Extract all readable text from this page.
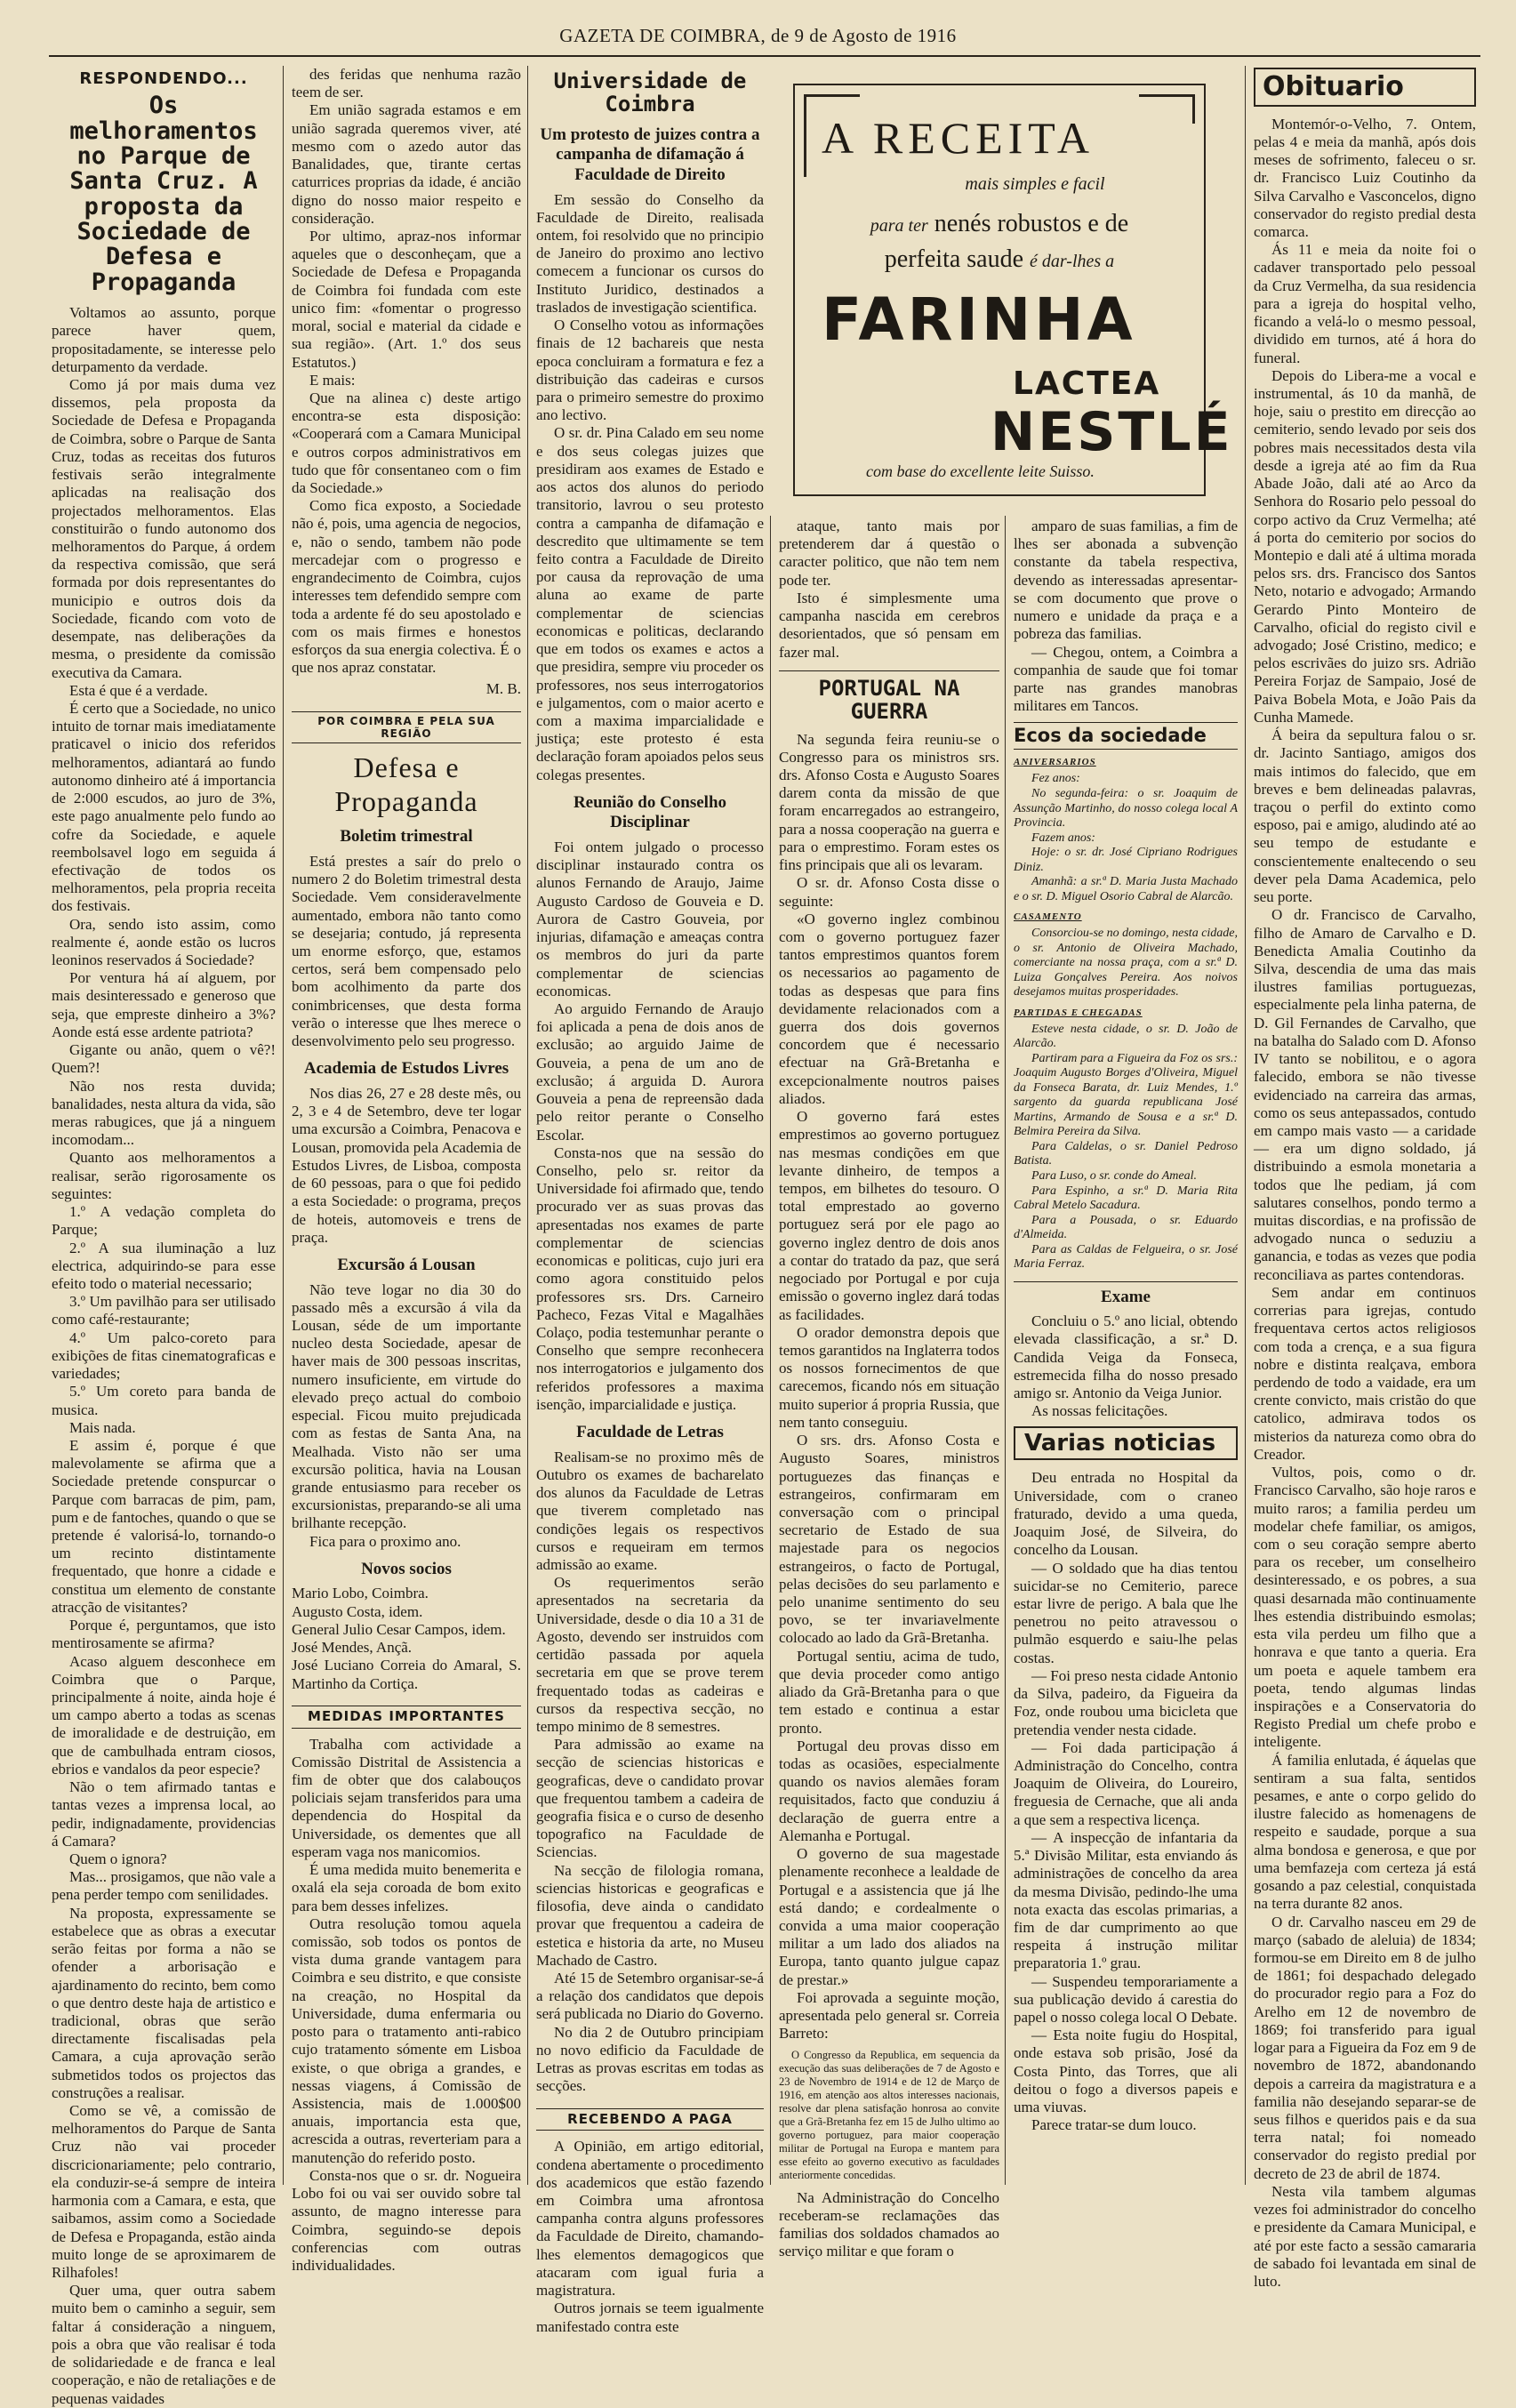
GAZETA DE COIMBRA, de 9 de Agosto de 1916
RESPONDENDO...
Os melhoramentos no Parque de Santa Cruz. A proposta da Sociedade de Defesa e Propaganda

Voltamos ao assunto, porque parece haver quem, propositadamente, se interesse pelo deturpamento da verdade.

Como já por mais duma vez dissemos, pela proposta da Sociedade de Defesa e Propaganda de Coimbra, sobre o Parque de Santa Cruz, todas as receitas dos futuros festivais serão integralmente aplicadas na realisação dos projectados melhoramentos. Elas constituirão o fundo autonomo dos melhoramentos do Parque, á ordem da respectiva comissão, que será formada por dois representantes do municipio e outros dois da Sociedade, ficando com voto de desempate, nas deliberações da mesma, o presidente da comissão executiva da Camara.

Esta é que é a verdade.

É certo que a Sociedade, no unico intuito de tornar mais imediatamente praticavel o inicio dos referidos melhoramentos, adiantará ao fundo autonomo dinheiro até á importancia de 2:000 escudos, ao juro de 3%, este pago anualmente pelo fundo ao cofre da Sociedade, e aquele reembolsavel logo em seguida á efectivação de todos os melhoramentos, pela propria receita dos festivais.

Ora, sendo isto assim, como realmente é, aonde estão os lucros leoninos reservados á Sociedade?

Por ventura há aí alguem, por mais desinteressado e generoso que seja, que empreste dinheiro a 3%? Aonde está esse ardente patriota?

Gigante ou anão, quem o vê?! Quem?!

Não nos resta duvida; banalidades, nesta altura da vida, são meras rabugices, que já a ninguem incomodam...

Quanto aos melhoramentos a realisar, serão rigorosamente os seguintes:

1.º A vedação completa do Parque;

2.º A sua iluminação a luz electrica, adquirindo-se para esse efeito todo o material necessario;

3.º Um pavilhão para ser utilisado como café-restaurante;

4.º Um palco-coreto para exibições de fitas cinematograficas e variedades;

5.º Um coreto para banda de musica.

Mais nada.

E assim é, porque é que malevolamente se afirma que a Sociedade pretende conspurcar o Parque com barracas de pim, pam, pum e de fantoches, quando o que se pretende é valorisá-lo, tornando-o um recinto distintamente frequentado, que honre a cidade e constitua um elemento de constante atracção de visitantes?

Porque é, perguntamos, que isto mentirosamente se afirma?

Acaso alguem desconhece em Coimbra que o Parque, principalmente á noite, ainda hoje é um campo aberto a todas as scenas de imoralidade e de destruição, em que de cambulhada entram ciosos, ebrios e vandalos da peor especie?

Não o tem afirmado tantas e tantas vezes a imprensa local, ao pedir, indignadamente, providencias á Camara?

Quem o ignora?

Mas... prosigamos, que não vale a pena perder tempo com senilidades.

Na proposta, expressamente se estabelece que as obras a executar serão feitas por forma a não se ofender a arborisação e ajardinamento do recinto, bem como o que dentro deste haja de artistico e tradicional, obras que serão directamente fiscalisadas pela Camara, a cuja aprovação serão submetidos todos os projectos das construções a realisar.

Como se vê, a comissão de melhoramentos do Parque de Santa Cruz não vai proceder discricionariamente; pelo contrario, ela conduzir-se-á sempre de inteira harmonia com a Camara, e esta, que saibamos, assim como a Sociedade de Defesa e Propaganda, estão ainda muito longe de se aproximarem de Rilhafoles!

Quer uma, quer outra sabem muito bem o caminho a seguir, sem faltar á consideração a ninguem, pois a obra que vão realisar é toda de solidariedade e de franca e leal cooperação, e não de retaliações e de pequenas vaidades

des feridas que nenhuma razão teem de ser.

Em união sagrada estamos e em união sagrada queremos viver, até mesmo com o azedo autor das Banalidades, que, tirante certas caturrices proprias da idade, é ancião digno do nosso maior respeito e consideração.

Por ultimo, apraz-nos informar aqueles que o desconheçam, que a Sociedade de Defesa e Propaganda de Coimbra foi fundada com este unico fim: «fomentar o progresso moral, social e material da cidade e sua região». (Art. 1.º dos seus Estatutos.)

E mais:

Que na alinea c) deste artigo encontra-se esta disposição: «Cooperará com a Camara Municipal e outros corpos administrativos em tudo que fôr consentaneo com o fim da Sociedade.»

Como fica exposto, a Sociedade não é, pois, uma agencia de negocios, e, não o sendo, tambem não pode mercadejar com o progresso e engrandecimento de Coimbra, cujos interesses tem defendido sempre com toda a ardente fé do seu apostolado e com os mais firmes e honestos esforços da sua energia colectiva. É o que nos apraz constatar.

M. B.
POR COIMBRA E PELA SUA REGIÃO
Defesa e Propaganda
Boletim trimestral

Está prestes a saír do prelo o numero 2 do Boletim trimestral desta Sociedade. Vem consideravelmente aumentado, embora não tanto como se desejaria; contudo, já representa um enorme esforço, que, estamos certos, será bem compensado pelo bom acolhimento da parte dos conimbricenses, que desta forma verão o interesse que lhes merece o desenvolvimento pelo seu progresso.

Academia de Estudos Livres

Nos dias 26, 27 e 28 deste mês, ou 2, 3 e 4 de Setembro, deve ter logar uma excursão a Coimbra, Penacova e Lousan, promovida pela Academia de Estudos Livres, de Lisboa, composta de 60 pessoas, para o que foi pedido a esta Sociedade: o programa, preços de hoteis, automoveis e trens de praça.

Excursão á Lousan

Não teve logar no dia 30 do passado mês a excursão á vila da Lousan, séde de um importante nucleo desta Sociedade, apesar de haver mais de 300 pessoas inscritas, numero insuficiente, em virtude do elevado preço actual do comboio especial. Ficou muito prejudicada com as festas de Santa Ana, na Mealhada. Visto não ser uma excursão politica, havia na Lousan grande entusiasmo para receber os excursionistas, preparando-se ali uma brilhante recepção.

Fica para o proximo ano.

Novos socios

Mario Lobo, Coimbra.

Augusto Costa, idem.

General Julio Cesar Campos, idem.

José Mendes, Ançã.

José Luciano Correia do Amaral, S. Martinho da Cortiça.

MEDIDAS IMPORTANTES

Trabalha com actividade a Comissão Distrital de Assistencia a fim de obter que dos calabouços policiais sejam transferidos para uma dependencia do Hospital da Universidade, os dementes que all esperam vaga nos manicomios.

É uma medida muito benemerita e oxalá ela seja coroada de bom exito para bem desses infelizes.

Outra resolução tomou aquela comissão, sob todos os pontos de vista duma grande vantagem para Coimbra e seu distrito, e que consiste na creação, no Hospital da Universidade, duma enfermaria ou posto para o tratamento anti-rabico cujo tratamento sómente em Lisboa existe, o que obriga a grandes, e nessas viagens, á Comissão de Assistencia, mais de 1.000$00 anuais, importancia esta que, acrescida a outras, reverteriam para a manutenção do referido posto.

Consta-nos que o sr. dr. Nogueira Lobo foi ou vai ser ouvido sobre tal assunto, de magno interesse para Coimbra, seguindo-se depois conferencias com outras individualidades.

Universidade de Coimbra
Um protesto de juizes contra a campanha de difamação á Faculdade de Direito

Em sessão do Conselho da Faculdade de Direito, realisada ontem, foi resolvido que no principio de Janeiro do proximo ano lectivo comecem a funcionar os cursos do Instituto Juridico, destinados a traslados de investigação scientifica.

O Conselho votou as informações finais de 12 bachareis que nesta epoca concluiram a formatura e fez a distribuição das cadeiras e cursos para o primeiro semestre do proximo ano lectivo.

O sr. dr. Pina Calado em seu nome e dos seus colegas juizes que presidiram aos exames de Estado e aos actos dos alunos do periodo transitorio, lavrou o seu protesto contra a campanha de difamação e descredito que ultimamente se tem feito contra a Faculdade de Direito por causa da reprovação de uma aluna ao exame de parte complementar de sciencias economicas e politicas, declarando que em todos os exames e actos a que presidira, sempre viu proceder os professores, nos seus interrogatorios e julgamentos, com o maior acerto e com a maxima imparcialidade e justiça; este protesto é esta declaração foram apoiados pelos seus colegas presentes.

Reunião do Conselho Disciplinar

Foi ontem julgado o processo disciplinar instaurado contra os alunos Fernando de Araujo, Jaime Augusto Cardoso de Gouveia e D. Aurora de Castro Gouveia, por injurias, difamação e ameaças contra os membros do juri da parte complementar de sciencias economicas.

Ao arguido Fernando de Araujo foi aplicada a pena de dois anos de exclusão; ao arguido Jaime de Gouveia, a pena de um ano de exclusão; á arguida D. Aurora Gouveia a pena de repreensão dada pelo reitor perante o Conselho Escolar.

Consta-nos que na sessão do Conselho, pelo sr. reitor da Universidade foi afirmado que, tendo procurado ver as suas provas das apresentadas nos exames de parte complementar de sciencias economicas e politicas, cujo juri era como agora constituido pelos professores srs. Drs. Carneiro Pacheco, Fezas Vital e Magalhães Colaço, podia testemunhar perante o Conselho que sempre reconhecera nos interrogatorios e julgamento dos referidos professores a maxima isenção, imparcialidade e justiça.

Faculdade de Letras

Realisam-se no proximo mês de Outubro os exames de bacharelato dos alunos da Faculdade de Letras que tiverem completado nas condições legais os respectivos cursos e requeiram em termos admissão ao exame.

Os requerimentos serão apresentados na secretaria da Universidade, desde o dia 10 a 31 de Agosto, devendo ser instruidos com certidão passada por aquela secretaria em que se prove terem frequentado todas as cadeiras e cursos da respectiva secção, no tempo minimo de 8 semestres.

Para admissão ao exame na secção de sciencias historicas e geograficas, deve o candidato provar que frequentou tambem a cadeira de geografia fisica e o curso de desenho topografico na Faculdade de Sciencias.

Na secção de filologia romana, sciencias historicas e geograficas e filosofia, deve ainda o candidato provar que frequentou a cadeira de estetica e historia da arte, no Museu Machado de Castro.

Até 15 de Setembro organisar-se-á a relação dos candidatos que depois será publicada no Diario do Governo.

No dia 2 de Outubro principiam no novo edificio da Faculdade de Letras as provas escritas em todas as secções.

RECEBENDO A PAGA

A Opinião, em artigo editorial, condena abertamente o procedimento dos academicos que estão fazendo em Coimbra uma afrontosa campanha contra alguns professores da Faculdade de Direito, chamando-lhes elementos demagogicos que atacaram com igual furia a magistratura.

Outros jornais se teem igualmente manifestado contra este

A RECEITA
mais simples e facil
para ter nenés robustos e de
perfeita saude é dar-lhes a
FARINHA
LACTEA
NESTLÉ
com base do excellente leite Suisso.

ataque, tanto mais por pretenderem dar á questão o caracter politico, que não tem nem pode ter.

Isto é simplesmente uma campanha nascida em cerebros desorientados, que só pensam em fazer mal.

PORTUGAL NA GUERRA

Na segunda feira reuniu-se o Congresso para os ministros srs. drs. Afonso Costa e Augusto Soares darem conta da missão de que foram encarregados ao estrangeiro, para a nossa cooperação na guerra e para o emprestimo. Foram estes os fins principais que ali os levaram.

O sr. dr. Afonso Costa disse o seguinte:

«O governo inglez combinou com o governo portuguez fazer tantos emprestimos quantos forem os necessarios ao pagamento de todas as despesas que para fins devidamente relacionados com a guerra dos dois governos concordem que é necessario efectuar na Grã-Bretanha e excepcionalmente noutros paises aliados.

O governo fará estes emprestimos ao governo portuguez nas mesmas condições em que levante dinheiro, de tempos a tempos, em bilhetes do tesouro. O total emprestado ao governo portuguez será por ele pago ao governo inglez dentro de dois anos a contar do tratado da paz, que será negociado por Portugal e por cuja emissão o governo inglez dará todas as facilidades.

O orador demonstra depois que temos garantidos na Inglaterra todos os nossos fornecimentos de que carecemos, ficando nós em situação muito superior á propria Russia, que nem tanto conseguiu.

O srs. drs. Afonso Costa e Augusto Soares, ministros portuguezes das finanças e estrangeiros, confirmaram em conversação com o principal secretario de Estado de sua majestade para os negocios estrangeiros, o facto de Portugal, pelas decisões do seu parlamento e pelo unanime sentimento do seu povo, se ter invariavelmente colocado ao lado da Grã-Bretanha.

Portugal sentiu, acima de tudo, que devia proceder como antigo aliado da Grã-Bretanha para o que tem estado e continua a estar pronto.

Portugal deu provas disso em todas as ocasiões, especialmente quando os navios alemães foram requisitados, facto que conduziu á declaração de guerra entre a Alemanha e Portugal.

O governo de sua magestade plenamente reconhece a lealdade de Portugal e a assistencia que já lhe está dando; e cordealmente o convida a uma maior cooperação militar a um lado dos aliados na Europa, tanto quanto julgue capaz de prestar.»

Foi aprovada a seguinte moção, apresentada pelo general sr. Correia Barreto:

O Congresso da Republica, em sequencia da execução das suas deliberações de 7 de Agosto e 23 de Novembro de 1914 e de 12 de Março de 1916, em atenção aos altos interesses nacionais, resolve dar plena satisfação honrosa ao convite que a Grã-Bretanha fez em 15 de Julho ultimo ao governo portuguez, para maior cooperação militar de Portugal na Europa e mantem para esse efeito ao governo executivo as faculdades anteriormente concedidas.

Na Administração do Concelho receberam-se reclamações das familias dos soldados chamados ao serviço militar e que foram o

amparo de suas familias, a fim de lhes ser abonada a subvenção constante da tabela respectiva, devendo as interessadas apresentar-se com documento que prove o numero e unidade da praça e a pobreza das familias.

— Chegou, ontem, a Coimbra a companhia de saude que foi tomar parte nas grandes manobras militares em Tancos.

Ecos da sociedade
ANIVERSARIOS

Fez anos:

No segunda-feira: o sr. Joaquim de Assunção Martinho, do nosso colega local A Provincia.

Fazem anos:

Hoje: o sr. dr. José Cipriano Rodrigues Diniz.

Amanhã: a sr.ª D. Maria Justa Machado e o sr. D. Miguel Osorio Cabral de Alarcão.

CASAMENTO

Consorciou-se no domingo, nesta cidade, o sr. Antonio de Oliveira Machado, comerciante na nossa praça, com a sr.ª D. Luiza Gonçalves Pereira. Aos noivos desejamos muitas prosperidades.

PARTIDAS E CHEGADAS

Esteve nesta cidade, o sr. D. João de Alarcão.

Partiram para a Figueira da Foz os srs.: Joaquim Augusto Borges d'Oliveira, Miguel da Fonseca Barata, dr. Luiz Mendes, 1.º sargento da guarda republicana José Martins, Armando de Sousa e a sr.ª D. Belmira Pereira da Silva.

Para Caldelas, o sr. Daniel Pedroso Batista.

Para Luso, o sr. conde do Ameal.

Para Espinho, a sr.ª D. Maria Rita Cabral Metelo Sacadura.

Para a Pousada, o sr. Eduardo d'Almeida.

Para as Caldas de Felgueira, o sr. José Maria Ferraz.

Exame

Concluiu o 5.º ano licial, obtendo elevada classificação, a sr.ª D. Candida Veiga da Fonseca, estremecida filha do nosso presado amigo sr. Antonio da Veiga Junior.

As nossas felicitações.

Varias noticias

Deu entrada no Hospital da Universidade, com o craneo fraturado, devido a uma queda, Joaquim José, de Silveira, do concelho da Lousan.

— O soldado que ha dias tentou suicidar-se no Cemiterio, parece estar livre de perigo. A bala que lhe penetrou no peito atravessou o pulmão esquerdo e saiu-lhe pelas costas.

— Foi preso nesta cidade Antonio da Silva, padeiro, da Figueira da Foz, onde roubou uma bicicleta que pretendia vender nesta cidade.

— Foi dada participação á Administração do Concelho, contra Joaquim de Oliveira, do Loureiro, freguesia de Cernache, que ali anda a que sem a respectiva licença.

— A inspecção de infantaria da 5.ª Divisão Militar, esta enviando ás administrações de concelho da area da mesma Divisão, pedindo-lhe uma nota exacta das escolas primarias, a fim de dar cumprimento ao que respeita á instrução militar preparatoria 1.º grau.

— Suspendeu temporariamente a sua publicação devido á carestia do papel o nosso colega local O Debate.

— Esta noite fugiu do Hospital, onde estava sob prisão, José da Costa Pinto, das Torres, que ali deitou o fogo a diversos papeis e uma viuvas.

Parece tratar-se dum louco.

Obituario

Montemór-o-Velho, 7. Ontem, pelas 4 e meia da manhã, após dois meses de sofrimento, faleceu o sr. dr. Francisco Luiz Coutinho da Silva Carvalho e Vasconcelos, digno conservador do registo predial desta comarca.

Ás 11 e meia da noite foi o cadaver transportado pelo pessoal da Cruz Vermelha, da sua residencia para a igreja do hospital velho, ficando a velá-lo o mesmo pessoal, dividido em turnos, até á hora do funeral.

Depois do Libera-me a vocal e instrumental, ás 10 da manhã, de hoje, saiu o prestito em direcção ao cemiterio, sendo levado por seis dos pobres mais necessitados desta vila desde a igreja até ao fim da Rua Abade João, dali até ao Arco da Senhora do Rosario pelo pessoal do corpo activo da Cruz Vermelha; até á porta do cemiterio por socios do Montepio e dali até á ultima morada pelos srs. drs. Francisco dos Santos Neto, notario e advogado; Armando Gerardo Pinto Monteiro de Carvalho, oficial do registo civil e advogado; José Cristino, medico; e pelos escrivães do juizo srs. Adrião Pereira Forjaz de Sampaio, José de Paiva Bobela Mota, e João Pais da Cunha Mamede.

Á beira da sepultura falou o sr. dr. Jacinto Santiago, amigos dos mais intimos do falecido, que em breves e bem delineadas palavras, traçou o perfil do extinto como esposo, pai e amigo, aludindo até ao seu tempo de estudante e conscientemente enaltecendo o seu dever pela Dama Academica, pelo seu porte.

O dr. Francisco de Carvalho, filho de Amaro de Carvalho e D. Benedicta Amalia Coutinho da Silva, descendia de uma das mais ilustres familias portuguezas, especialmente pela linha paterna, de D. Gil Fernandes de Carvalho, que na batalha do Salado com D. Afonso IV tanto se nobilitou, e o agora falecido, embora se não tivesse evidenciado na carreira das armas, como os seus antepassados, contudo em campo mais vasto — a caridade — era um digno soldado, já distribuindo a esmola monetaria a todos que lhe pediam, já com salutares conselhos, pondo termo a muitas discordias, e na profissão de advogado nunca o seduziu a ganancia, e todas as vezes que podia reconciliava as partes contendoras.

Sem andar em continuos correrias para igrejas, contudo frequentava certos actos religiosos com toda a crença, e a sua figura nobre e distinta realçava, embora perdendo de todo a vaidade, era um crente convicto, mais cristão do que catolico, admirava todos os misterios da natureza como obra do Creador.

Vultos, pois, como o dr. Francisco Carvalho, são hoje raros e muito raros; a familia perdeu um modelar chefe familiar, os amigos, com o seu coração sempre aberto para os receber, um conselheiro desinteressado, e os pobres, a sua quasi desarnada mão continuamente lhes estendia distribuindo esmolas; esta vila perdeu um filho que a honrava e que tanto a queria. Era um poeta e aquele tambem era poeta, tendo algumas lindas inspirações e a Conservatoria do Registo Predial um chefe probo e inteligente.

Á familia enlutada, é áquelas que sentiram a sua falta, sentidos pesames, e ante o corpo gelido do ilustre falecido as homenagens de respeito e saudade, porque a sua alma bondosa e generosa, e que por uma bemfazeja com certeza já está gosando a paz celestial, conquistada na terra durante 82 anos.

O dr. Carvalho nasceu em 29 de março (sabado de aleluia) de 1834; formou-se em Direito em 8 de julho de 1861; foi despachado delegado do procurador regio para a Foz do Arelho em 12 de novembro de 1869; foi transferido para igual logar para a Figueira da Foz em 9 de novembro de 1872, abandonando depois a carreira da magistratura e a familia não desejando separar-se de seus filhos e queridos pais e da sua terra natal; foi nomeado conservador do registo predial por decreto de 23 de abril de 1874.

Nesta vila tambem algumas vezes foi administrador do concelho e presidente da Camara Municipal, e até por este facto a sessão camararia de sabado foi levantada em sinal de luto.
